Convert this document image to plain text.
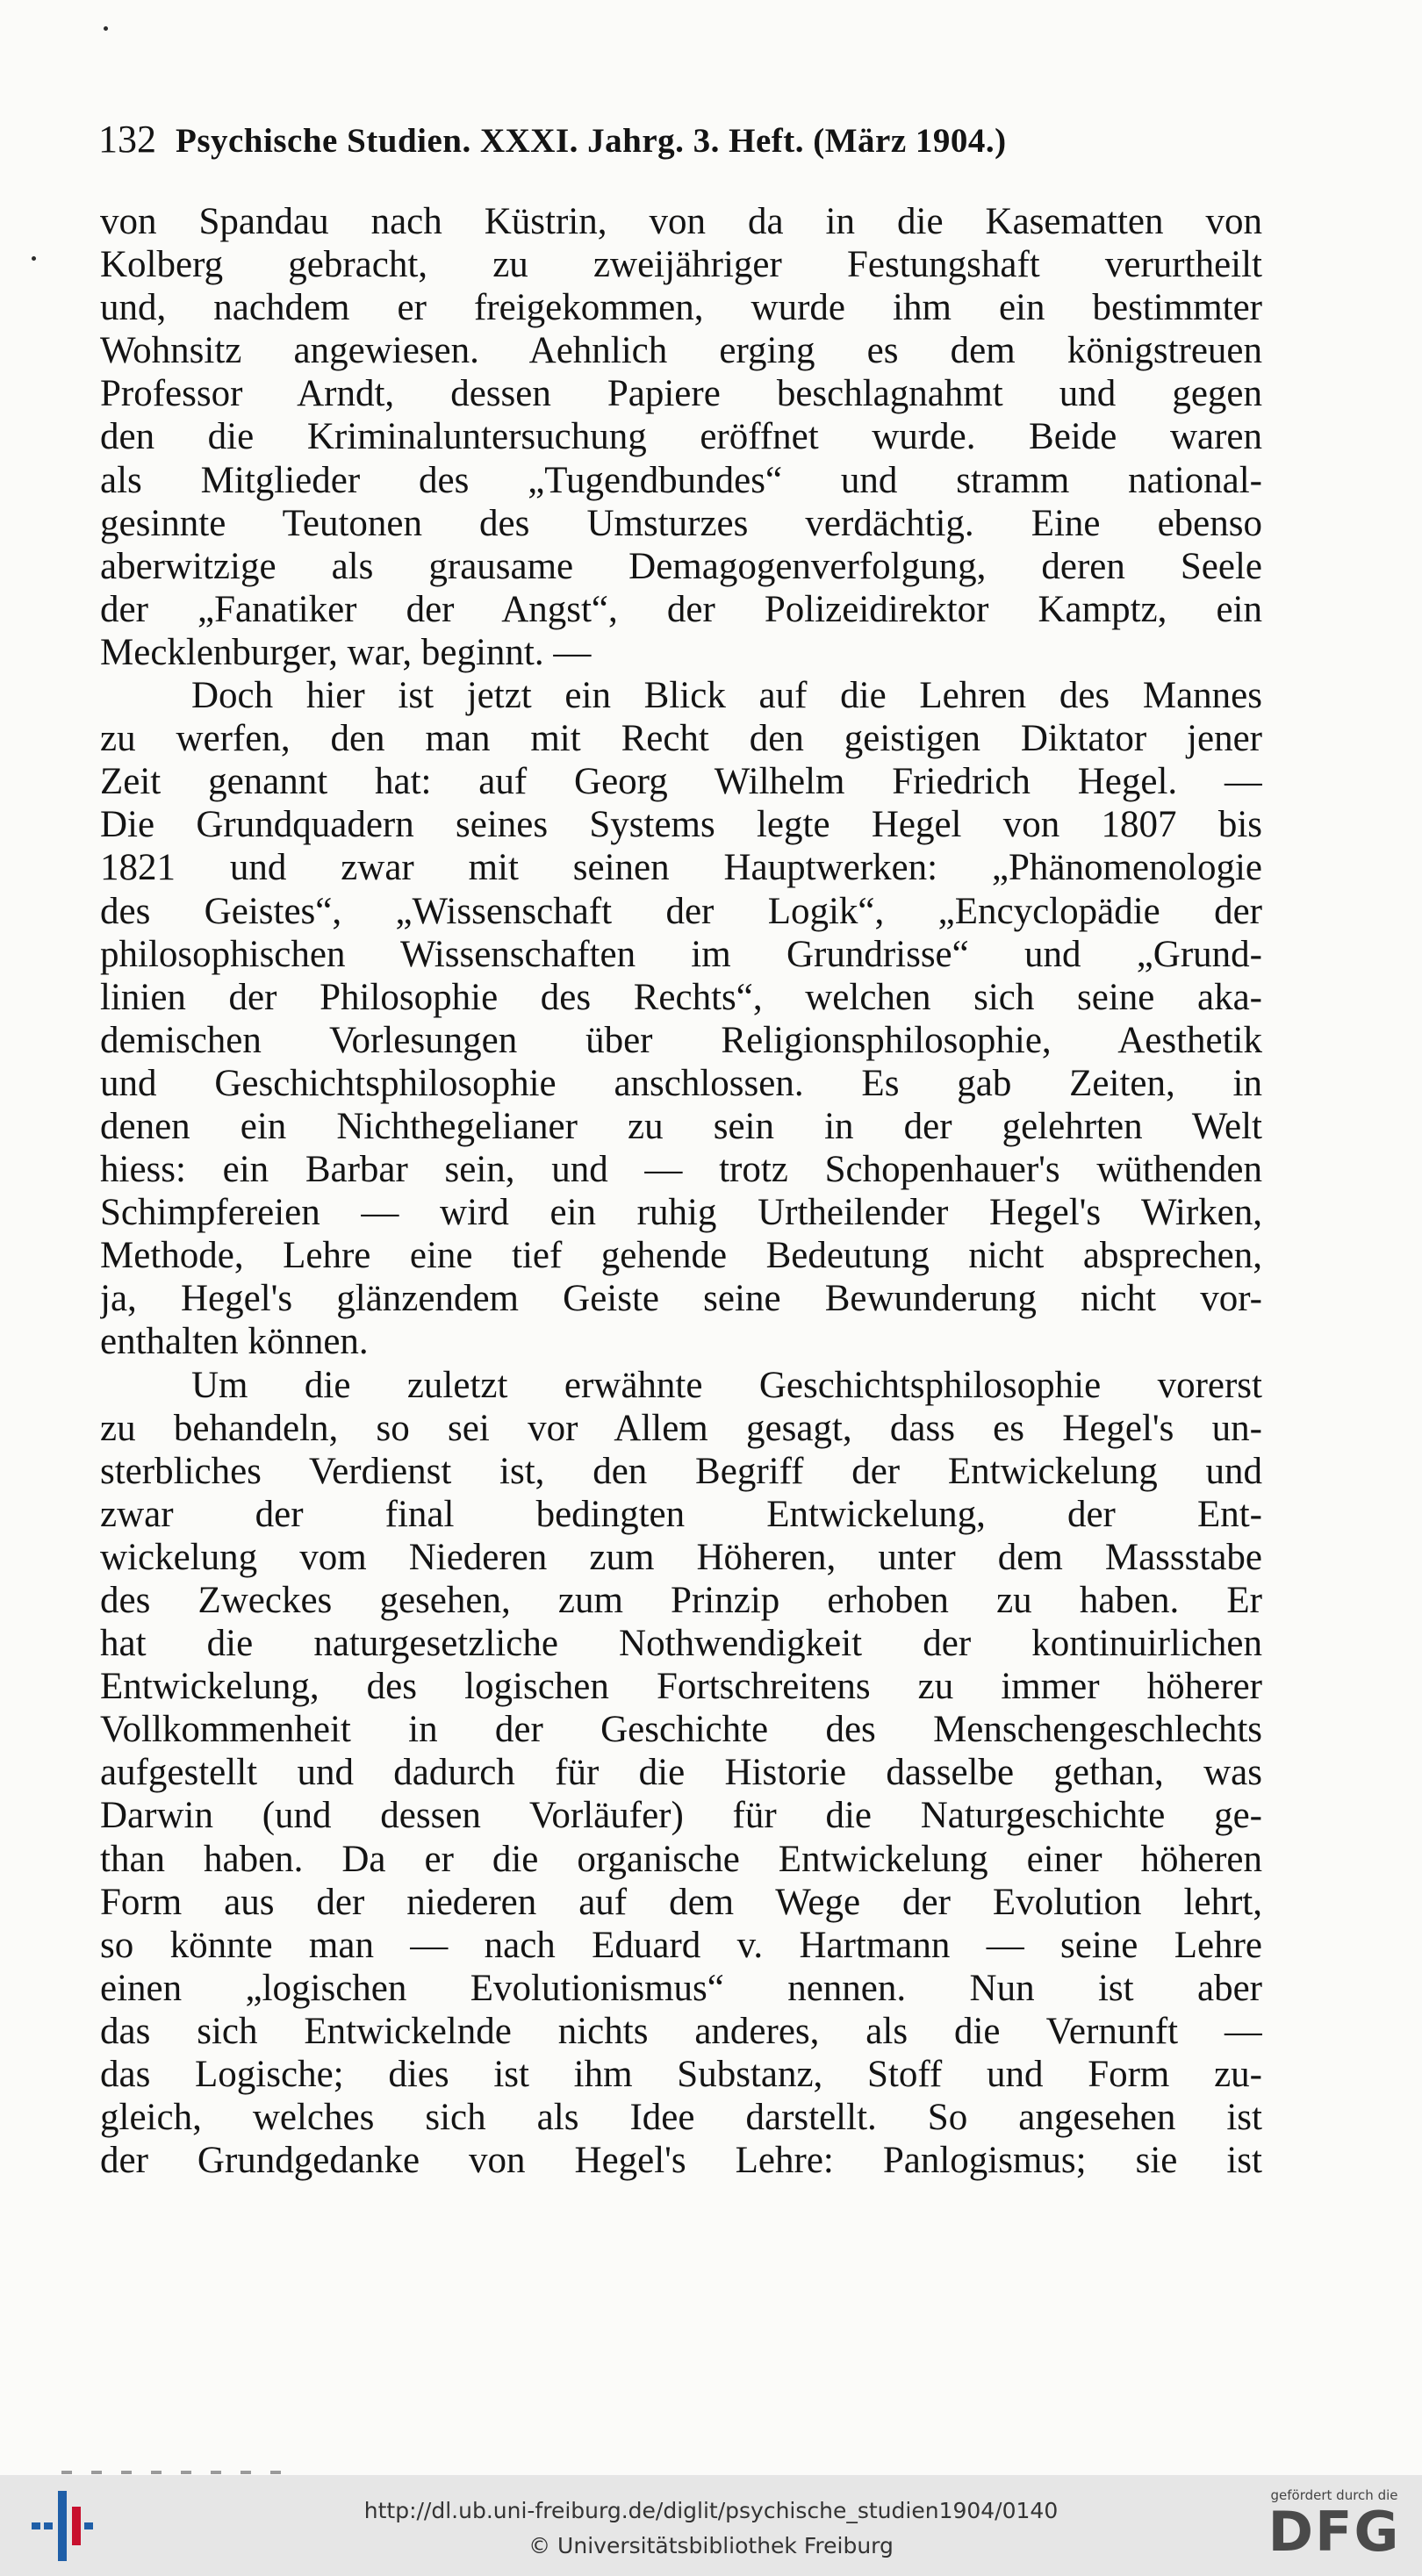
132 Psychische Studien. XXXI. Jahrg. 3. Heft. (März 1904.)
von Spandau nach Küstrin, von da in die Kasematten von
Kolberg gebracht, zu zweijähriger Festungshaft verurtheilt
und, nachdem er freigekommen, wurde ihm ein bestimmter
Wohnsitz angewiesen. Aehnlich erging es dem königstreuen
Professor Arndt, dessen Papiere beschlagnahmt und gegen
den die Kriminaluntersuchung eröffnet wurde. Beide waren
als Mitglieder des „Tugendbundes“ und stramm national-
gesinnte Teutonen des Umsturzes verdächtig. Eine ebenso
aberwitzige als grausame Demagogenverfolgung, deren Seele
der „Fanatiker der Angst“, der Polizeidirektor Kamptz, ein
Mecklenburger, war, beginnt. —
Doch hier ist jetzt ein Blick auf die Lehren des Mannes
zu werfen, den man mit Recht den geistigen Diktator jener
Zeit genannt hat: auf Georg Wilhelm Friedrich Hegel. —
Die Grundquadern seines Systems legte Hegel von 1807 bis
1821 und zwar mit seinen Hauptwerken: „Phänomenologie
des Geistes“, „Wissenschaft der Logik“, „Encyclopädie der
philosophischen Wissenschaften im Grundrisse“ und „Grund-
linien der Philosophie des Rechts“, welchen sich seine aka-
demischen Vorlesungen über Religionsphilosophie, Aesthetik
und Geschichtsphilosophie anschlossen. Es gab Zeiten, in
denen ein Nichthegelianer zu sein in der gelehrten Welt
hiess: ein Barbar sein, und — trotz Schopenhauer's wüthenden
Schimpfereien — wird ein ruhig Urtheilender Hegel's Wirken,
Methode, Lehre eine tief gehende Bedeutung nicht absprechen,
ja, Hegel's glänzendem Geiste seine Bewunderung nicht vor-
enthalten können.
Um die zuletzt erwähnte Geschichtsphilosophie vorerst
zu behandeln, so sei vor Allem gesagt, dass es Hegel's un-
sterbliches Verdienst ist, den Begriff der Entwickelung und
zwar der final bedingten Entwickelung, der Ent-
wickelung vom Niederen zum Höheren, unter dem Massstabe
des Zweckes gesehen, zum Prinzip erhoben zu haben. Er
hat die naturgesetzliche Nothwendigkeit der kontinuirlichen
Entwickelung, des logischen Fortschreitens zu immer höherer
Vollkommenheit in der Geschichte des Menschengeschlechts
aufgestellt und dadurch für die Historie dasselbe gethan, was
Darwin (und dessen Vorläufer) für die Naturgeschichte ge-
than haben. Da er die organische Entwickelung einer höheren
Form aus der niederen auf dem Wege der Evolution lehrt,
so könnte man — nach Eduard v. Hartmann — seine Lehre
einen „logischen Evolutionismus“ nennen. Nun ist aber
das sich Entwickelnde nichts anderes, als die Vernunft —
das Logische; dies ist ihm Substanz, Stoff und Form zu-
gleich, welches sich als Idee darstellt. So angesehen ist
der Grundgedanke von Hegel's Lehre: Panlogismus; sie ist
http://dl.ub.uni-freiburg.de/diglit/psychische_studien1904/0140
© Universitätsbibliothek Freiburg
gefördert durch die
DFG
